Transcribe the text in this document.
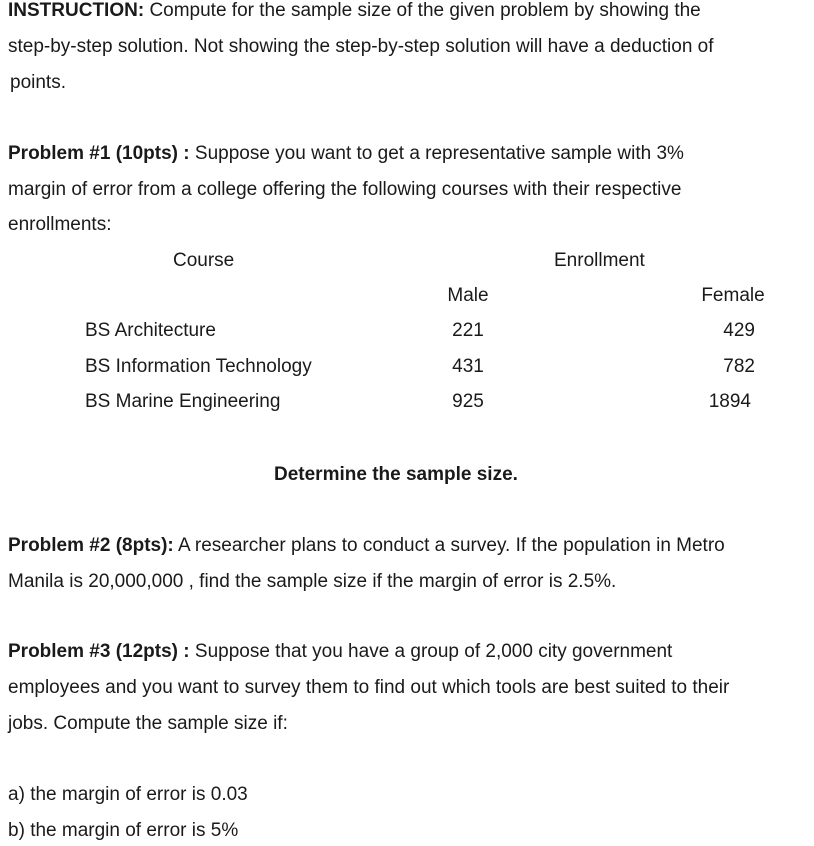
INSTRUCTION: Compute for the sample size of the given problem by showing the
step-by-step solution. Not showing the step-by-step solution will have a deduction of
points.
Problem #1 (10pts) : Suppose you want to get a representative sample with 3%
margin of error from a college offering the following courses with their respective
enrollments:
Course	Enrollment
Male	Female
BS Architecture	221	429
BS Information Technology	431	782
BS Marine Engineering	925	1894
Determine the sample size.
Problem #2 (8pts): A researcher plans to conduct a survey. If the population in Metro
Manila is 20,000,000 , find the sample size if the margin of error is 2.5%.
Problem #3 (12pts) : Suppose that you have a group of 2,000 city government
employees and you want to survey them to find out which tools are best suited to their
jobs. Compute the sample size if:
a) the margin of error is 0.03
b) the margin of error is 5%
